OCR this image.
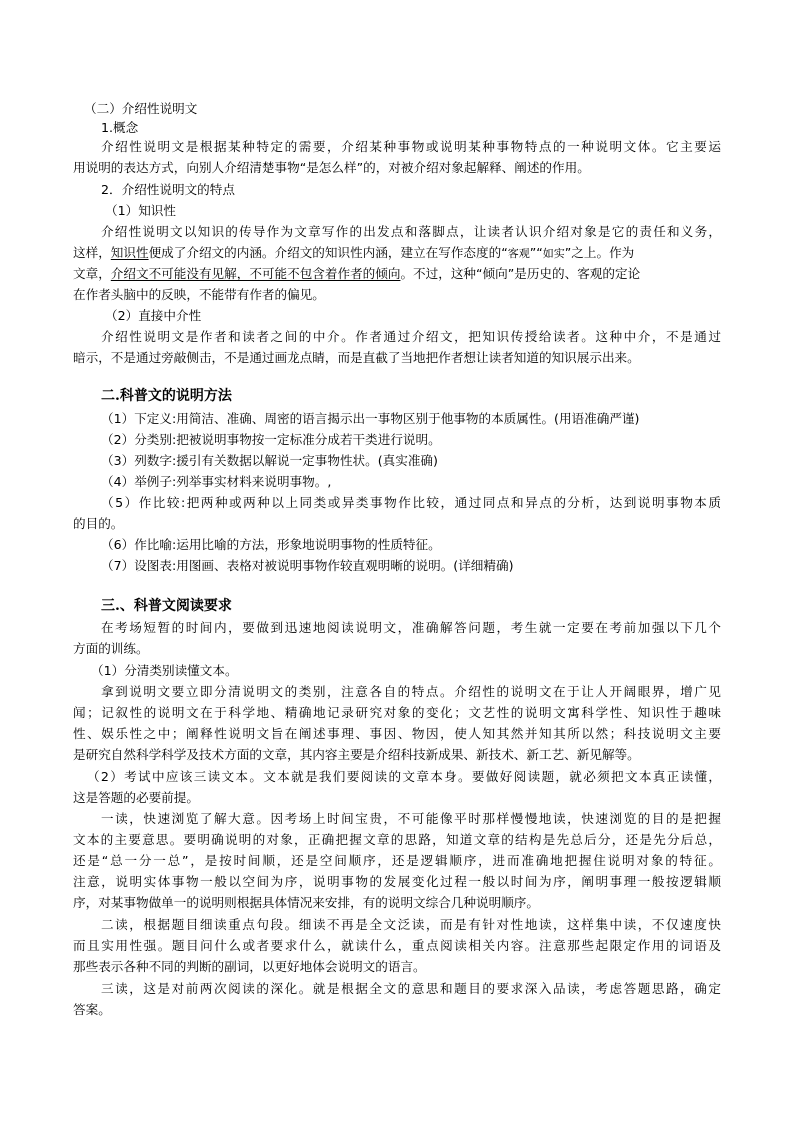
（二）介绍性说明文
1.概念
介绍性说明文是根据某种特定的需要，介绍某种事物或说明某种事物特点的一种说明文体。它主要运
用说明的表达方式，向别人介绍清楚事物“是怎么样”的，对被介绍对象起解释、阐述的作用。
2．介绍性说明文的特点
（1）知识性
介绍性说明文以知识的传导作为文章写作的出发点和落脚点，让读者认识介绍对象是它的责任和义务，
这样，知识性便成了介绍文的内涵。介绍文的知识性内涵，建立在写作态度的“客观”“如实”之上。作为
文章，介绍文不可能没有见解，不可能不包含着作者的倾向。不过，这种“倾向”是历史的、客观的定论
在作者头脑中的反映，不能带有作者的偏见。
（2）直接中介性
介绍性说明文是作者和读者之间的中介。作者通过介绍文，把知识传授给读者。这种中介，不是通过
暗示，不是通过旁敲侧击，不是通过画龙点睛，而是直截了当地把作者想让读者知道的知识展示出来。
二.科普文的说明方法
（1）下定义:用简洁、准确、周密的语言揭示出一事物区别于他事物的本质属性。(用语准确严谨)
（2）分类别:把被说明事物按一定标准分成若干类进行说明。
（3）列数字:援引有关数据以解说一定事物性状。(真实准确)
（4）举例子:列举事实材料来说明事物。,
（5）作比较:把两种或两种以上同类或异类事物作比较，通过同点和异点的分析，达到说明事物本质
的目的。
（6）作比喻:运用比喻的方法，形象地说明事物的性质特征。
（7）设图表:用图画、表格对被说明事物作较直观明晰的说明。(详细精确)
三.、科普文阅读要求
在考场短暂的时间内，要做到迅速地阅读说明文，准确解答问题，考生就一定要在考前加强以下几个
方面的训练。
（1）分清类别读懂文本。
拿到说明文要立即分清说明文的类别，注意各自的特点。介绍性的说明文在于让人开阔眼界，增广见
闻；记叙性的说明文在于科学地、精确地记录研究对象的变化；文艺性的说明文寓科学性、知识性于趣味
性、娱乐性之中；阐释性说明文旨在阐述事理、事因、物因，使人知其然并知其所以然；科技说明文主要
是研究自然科学科学及技术方面的文章，其内容主要是介绍科技新成果、新技术、新工艺、新见解等。
（2）考试中应该三读文本。文本就是我们要阅读的文章本身。要做好阅读题，就必须把文本真正读懂，
这是答题的必要前提。
一读，快速浏览了解大意。因考场上时间宝贵，不可能像平时那样慢慢地读，快速浏览的目的是把握
文本的主要意思。要明确说明的对象，正确把握文章的思路，知道文章的结构是先总后分，还是先分后总，
还是“总一分一总”，是按时间顺，还是空间顺序，还是逻辑顺序，进而准确地把握住说明对象的特征。
注意，说明实体事物一般以空间为序，说明事物的发展变化过程一般以时间为序，阐明事理一般按逻辑顺
序，对某事物做单一的说明则根据具体情况来安排，有的说明文综合几种说明顺序。
二读，根据题目细读重点句段。细读不再是全文泛读，而是有针对性地读，这样集中读，不仅速度快
而且实用性强。题目问什么或者要求什么，就读什么，重点阅读相关内容。注意那些起限定作用的词语及
那些表示各种不同的判断的副词，以更好地体会说明文的语言。
三读，这是对前两次阅读的深化。就是根据全文的意思和题目的要求深入品读，考虑答题思路，确定
答案。
